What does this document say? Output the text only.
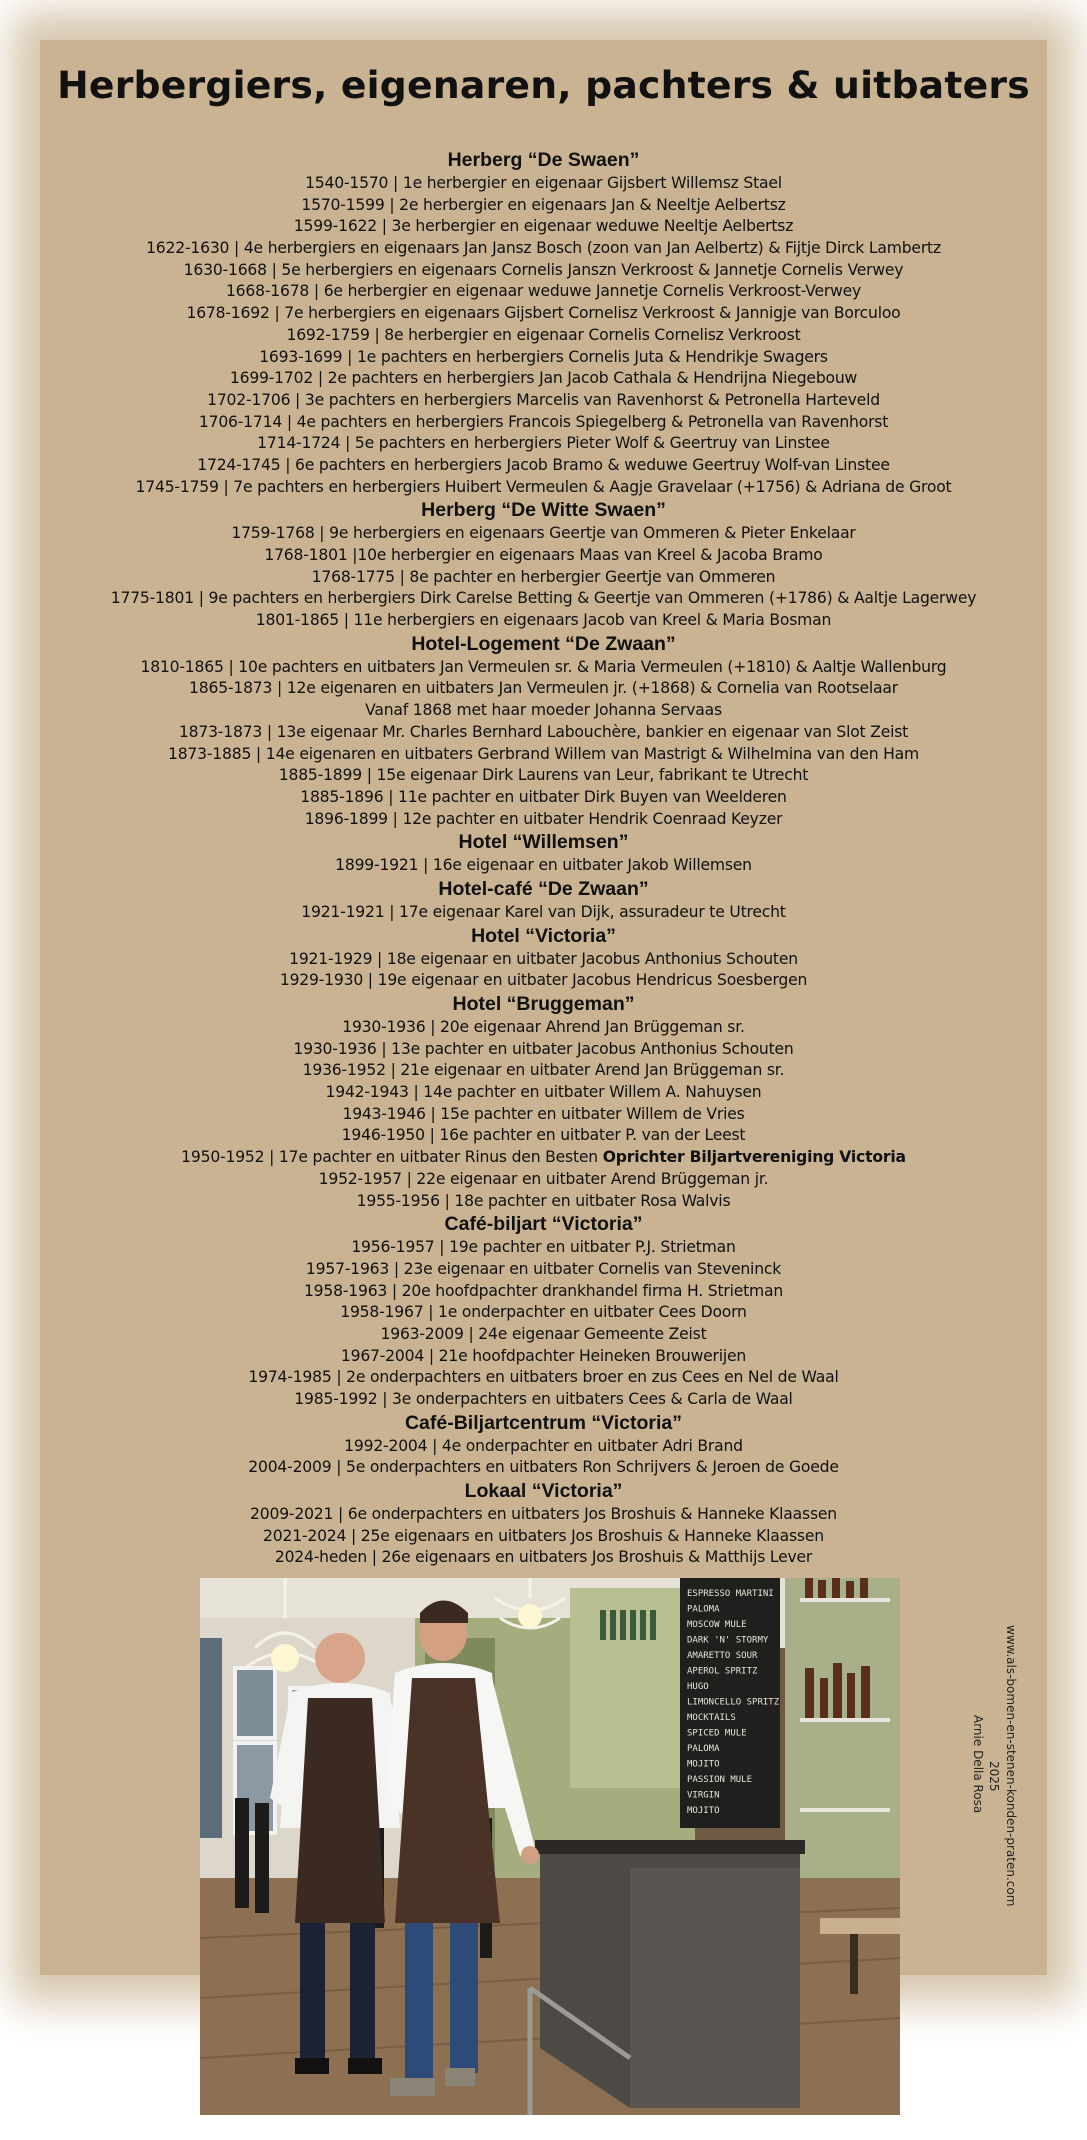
Herbergiers, eigenaren, pachters & uitbaters
Herberg “De Swaen”
1540-1570 | 1e herbergier en eigenaar Gijsbert Willemsz Stael
1570-1599 | 2e herbergier en eigenaars Jan & Neeltje Aelbertsz
1599-1622 | 3e herbergier en eigenaar weduwe Neeltje Aelbertsz
1622-1630 | 4e herbergiers en eigenaars Jan Jansz Bosch (zoon van Jan Aelbertz) & Fijtje Dirck Lambertz
1630-1668 | 5e herbergiers en eigenaars Cornelis Janszn Verkroost & Jannetje Cornelis Verwey
1668-1678 | 6e herbergier en eigenaar weduwe Jannetje Cornelis Verkroost-Verwey
1678-1692 | 7e herbergiers en eigenaars Gijsbert Cornelisz Verkroost & Jannigje van Borculoo
1692-1759 | 8e herbergier en eigenaar Cornelis Cornelisz Verkroost
1693-1699 | 1e pachters en herbergiers Cornelis Juta & Hendrikje Swagers
1699-1702 | 2e pachters en herbergiers Jan Jacob Cathala & Hendrijna Niegebouw
1702-1706 | 3e pachters en herbergiers Marcelis van Ravenhorst & Petronella Harteveld
1706-1714 | 4e pachters en herbergiers Francois Spiegelberg & Petronella van Ravenhorst
1714-1724 | 5e pachters en herbergiers Pieter Wolf & Geertruy van Linstee
1724-1745 | 6e pachters en herbergiers Jacob Bramo & weduwe Geertruy Wolf-van Linstee
1745-1759 | 7e pachters en herbergiers Huibert Vermeulen & Aagje Gravelaar (+1756) & Adriana de Groot
Herberg “De Witte Swaen”
1759-1768 | 9e herbergiers en eigenaars Geertje van Ommeren & Pieter Enkelaar
1768-1801 |10e herbergier en eigenaars Maas van Kreel & Jacoba Bramo
1768-1775 | 8e pachter en herbergier Geertje van Ommeren
1775-1801 | 9e pachters en herbergiers Dirk Carelse Betting & Geertje van Ommeren (+1786) & Aaltje Lagerwey
1801-1865 | 11e herbergiers en eigenaars Jacob van Kreel & Maria Bosman
Hotel-Logement “De Zwaan”
1810-1865 | 10e pachters en uitbaters Jan Vermeulen sr. & Maria Vermeulen (+1810) & Aaltje Wallenburg
1865-1873 | 12e eigenaren en uitbaters Jan Vermeulen jr. (+1868) & Cornelia van Rootselaar
Vanaf 1868 met haar moeder Johanna Servaas
1873-1873 | 13e eigenaar Mr. Charles Bernhard Labouchère, bankier en eigenaar van Slot Zeist
1873-1885 | 14e eigenaren en uitbaters Gerbrand Willem van Mastrigt & Wilhelmina van den Ham
1885-1899 | 15e eigenaar Dirk Laurens van Leur, fabrikant te Utrecht
1885-1896 | 11e pachter en uitbater Dirk Buyen van Weelderen
1896-1899 | 12e pachter en uitbater Hendrik Coenraad Keyzer
Hotel “Willemsen”
1899-1921 | 16e eigenaar en uitbater Jakob Willemsen
Hotel-café “De Zwaan”
1921-1921 | 17e eigenaar Karel van Dijk, assuradeur te Utrecht
Hotel “Victoria”
1921-1929 | 18e eigenaar en uitbater Jacobus Anthonius Schouten
1929-1930 | 19e eigenaar en uitbater Jacobus Hendricus Soesbergen
Hotel “Bruggeman”
1930-1936 | 20e eigenaar Ahrend Jan Brüggeman sr.
1930-1936 | 13e pachter en uitbater Jacobus Anthonius Schouten
1936-1952 | 21e eigenaar en uitbater Arend Jan Brüggeman sr.
1942-1943 | 14e pachter en uitbater Willem A. Nahuysen
1943-1946 | 15e pachter en uitbater Willem de Vries
1946-1950 | 16e pachter en uitbater P. van der Leest
1950-1952 | 17e pachter en uitbater Rinus den Besten Oprichter Biljartvereniging Victoria
1952-1957 | 22e eigenaar en uitbater Arend Brüggeman jr.
1955-1956 | 18e pachter en uitbater Rosa Walvis
Café-biljart “Victoria”
1956-1957 | 19e pachter en uitbater P.J. Strietman
1957-1963 | 23e eigenaar en uitbater Cornelis van Steveninck
1958-1963 | 20e hoofdpachter drankhandel firma H. Strietman
1958-1967 | 1e onderpachter en uitbater Cees Doorn
1963-2009 | 24e eigenaar Gemeente Zeist
1967-2004 | 21e hoofdpachter Heineken Brouwerijen
1974-1985 | 2e onderpachters en uitbaters broer en zus Cees en Nel de Waal
1985-1992 | 3e onderpachters en uitbaters Cees & Carla de Waal
Café-Biljartcentrum “Victoria”
1992-2004 | 4e onderpachter en uitbater Adri Brand
2004-2009 | 5e onderpachters en uitbaters Ron Schrijvers & Jeroen de Goede
Lokaal “Victoria”
2009-2021 | 6e onderpachters en uitbaters Jos Broshuis & Hanneke Klaassen
2021-2024 | 25e eigenaars en uitbaters Jos Broshuis & Hanneke Klaassen
2024-heden | 26e eigenaars en uitbaters Jos Broshuis & Matthijs Lever
ESPRESSO MARTINI
PALOMA
MOSCOW MULE
DARK 'N' STORMY
AMARETTO SOUR
APEROL SPRITZ
HUGO
LIMONCELLO SPRITZ
MOCKTAILS
SPICED MULE
PALOMA
MOJITO
PASSION MULE
VIRGIN
MOJITO	www.als-bomen-en-stenen-konden-praten.com
2025
Arnie Della Rosa
